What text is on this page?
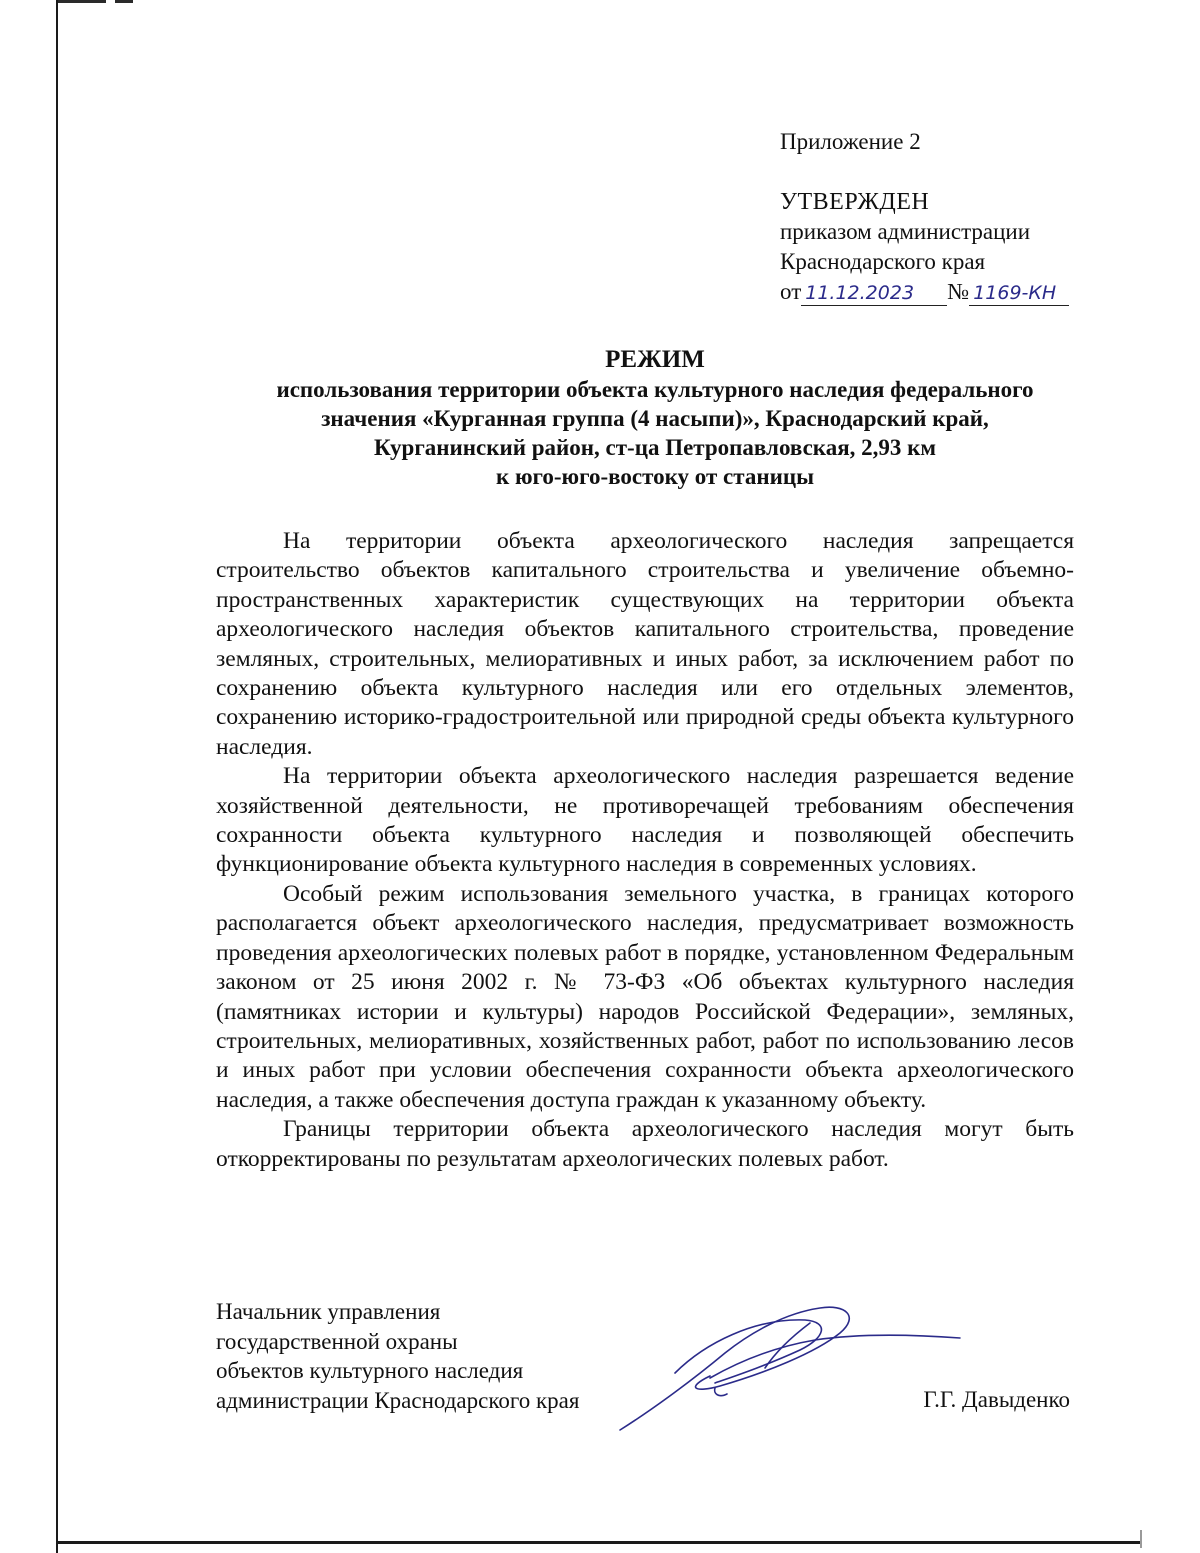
Приложение 2
УТВЕРЖДЕН
приказом администрации
Краснодарского края
от 11.12.2023 № 1169-КН
РЕЖИМ
использования территории объекта культурного наследия федерального
значения «Курганная группа (4 насыпи)», Краснодарский край,
Курганинский район, ст-ца Петропавловская, 2,93 км
к юго-юго-востоку от станицы

На территории объекта археологического наследия запрещается строительство объектов капитального строительства и увеличение объемно-пространственных характеристик существующих на территории объекта археологического наследия объектов капитального строительства, проведение земляных, строительных, мелиоративных и иных работ, за исключением работ по сохранению объекта культурного наследия или его отдельных элементов, сохранению историко-градостроительной или природной среды объекта культурного наследия.

На территории объекта археологического наследия разрешается ведение хозяйственной деятельности, не противоречащей требованиям обеспечения сохранности объекта культурного наследия и позволяющей обеспечить функционирование объекта культурного наследия в современных условиях.

Особый режим использования земельного участка, в границах которого располагается объект археологического наследия, предусматривает возможность проведения археологических полевых работ в порядке, установленном Федеральным законом от 25 июня 2002 г. № 73-ФЗ «Об объектах культурного наследия (памятниках истории и культуры) народов Российской Федерации», земляных, строительных, мелиоративных, хозяйственных работ, работ по использованию лесов и иных работ при условии обеспечения сохранности объекта археологического наследия, а также обеспечения доступа граждан к указанному объекту.

Границы территории объекта археологического наследия могут быть откорректированы по результатам археологических полевых работ.

Начальник управления
государственной охраны
объектов культурного наследия
администрации Краснодарского края	Г.Г. Давыденко
